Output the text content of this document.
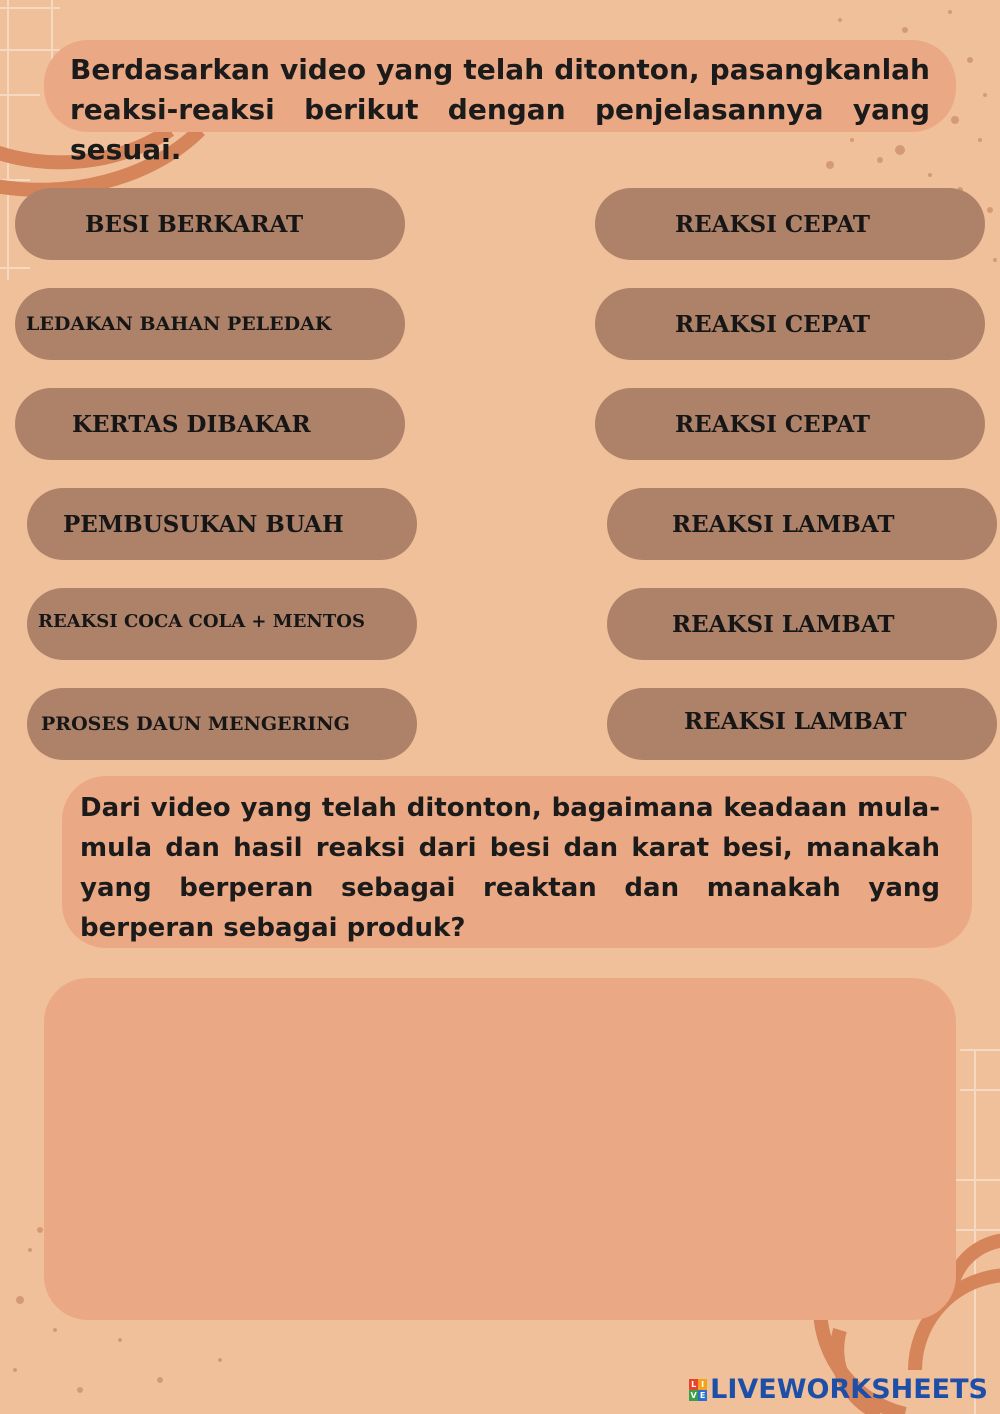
Berdasarkan video yang telah ditonton, pasangkanlah reaksi-reaksi berikut dengan penjelasannya yang sesuai.

BESI BERKARAT
LEDAKAN BAHAN PELEDAK
KERTAS DIBAKAR
PEMBUSUKAN BUAH
REAKSI COCA COLA + MENTOS
PROSES DAUN MENGERING
REAKSI CEPAT
REAKSI CEPAT
REAKSI CEPAT
REAKSI LAMBAT
REAKSI LAMBAT
REAKSI LAMBAT

Dari video yang telah ditonton, bagaimana keadaan mula-mula dan hasil reaksi dari besi dan karat besi, manakah yang berperan sebagai reaktan dan manakah yang berperan sebagai produk?

L I
V E LIVEWORKSHEETS
